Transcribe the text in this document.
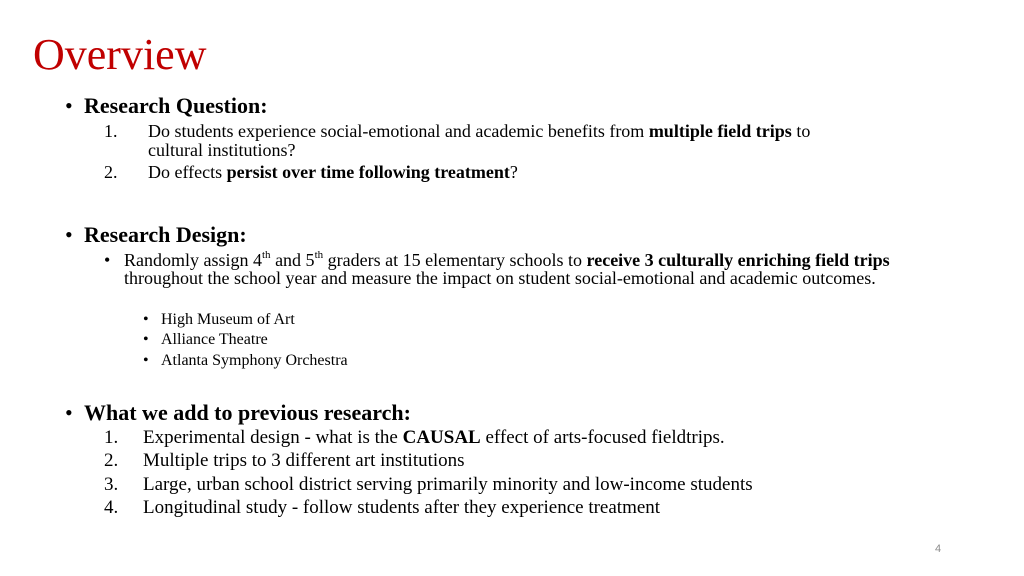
Overview
• Research Question:
1. Do students experience social-emotional and academic benefits from multiple field trips to
cultural institutions?
2. Do effects persist over time following treatment?
• Research Design:
• Randomly assign 4th and 5th graders at 15 elementary schools to receive 3 culturally enriching field trips throughout the school year and measure the impact on student social-emotional and academic outcomes.
• High Museum of Art
• Alliance Theatre
• Atlanta Symphony Orchestra
• What we add to previous research:
1. Experimental design - what is the CAUSAL effect of arts-focused fieldtrips.
2. Multiple trips to 3 different art institutions
3. Large, urban school district serving primarily minority and low-income students
4. Longitudinal study - follow students after they experience treatment
4
